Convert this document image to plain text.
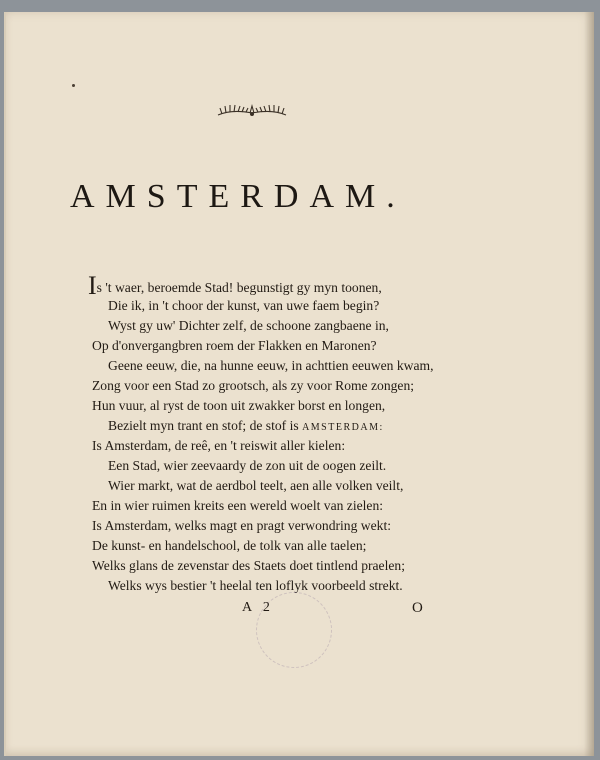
AMSTERDAM.
Is 't waer, beroemde Stad! begunstigt gy myn toonen,
Die ik, in 't choor der kunst, van uwe faem begin?
Wyst gy uw' Dichter zelf, de schoone zangbaene in,
Op d'onvergangbren roem der Flakken en Maronen?
Geene eeuw, die, na hunne eeuw, in achttien eeuwen kwam,
Zong voor een Stad zo grootsch, als zy voor Rome zongen;
Hun vuur, al ryst de toon uit zwakker borst en longen,
Bezielt myn trant en stof; de stof is AMSTERDAM:
Is Amsterdam, de reê, en 't reiswit aller kielen:
Een Stad, wier zeevaardy de zon uit de oogen zeilt.
Wier markt, wat de aerdbol teelt, aen alle volken veilt,
En in wier ruimen kreits een wereld woelt van zielen:
Is Amsterdam, welks magt en pragt verwondring wekt:
De kunst- en handelschool, de tolk van alle taelen;
Welks glans de zevenstar des Staets doet tintlend praelen;
Welks wys bestier 't heelal ten loflyk voorbeeld strekt.
A 2	O
